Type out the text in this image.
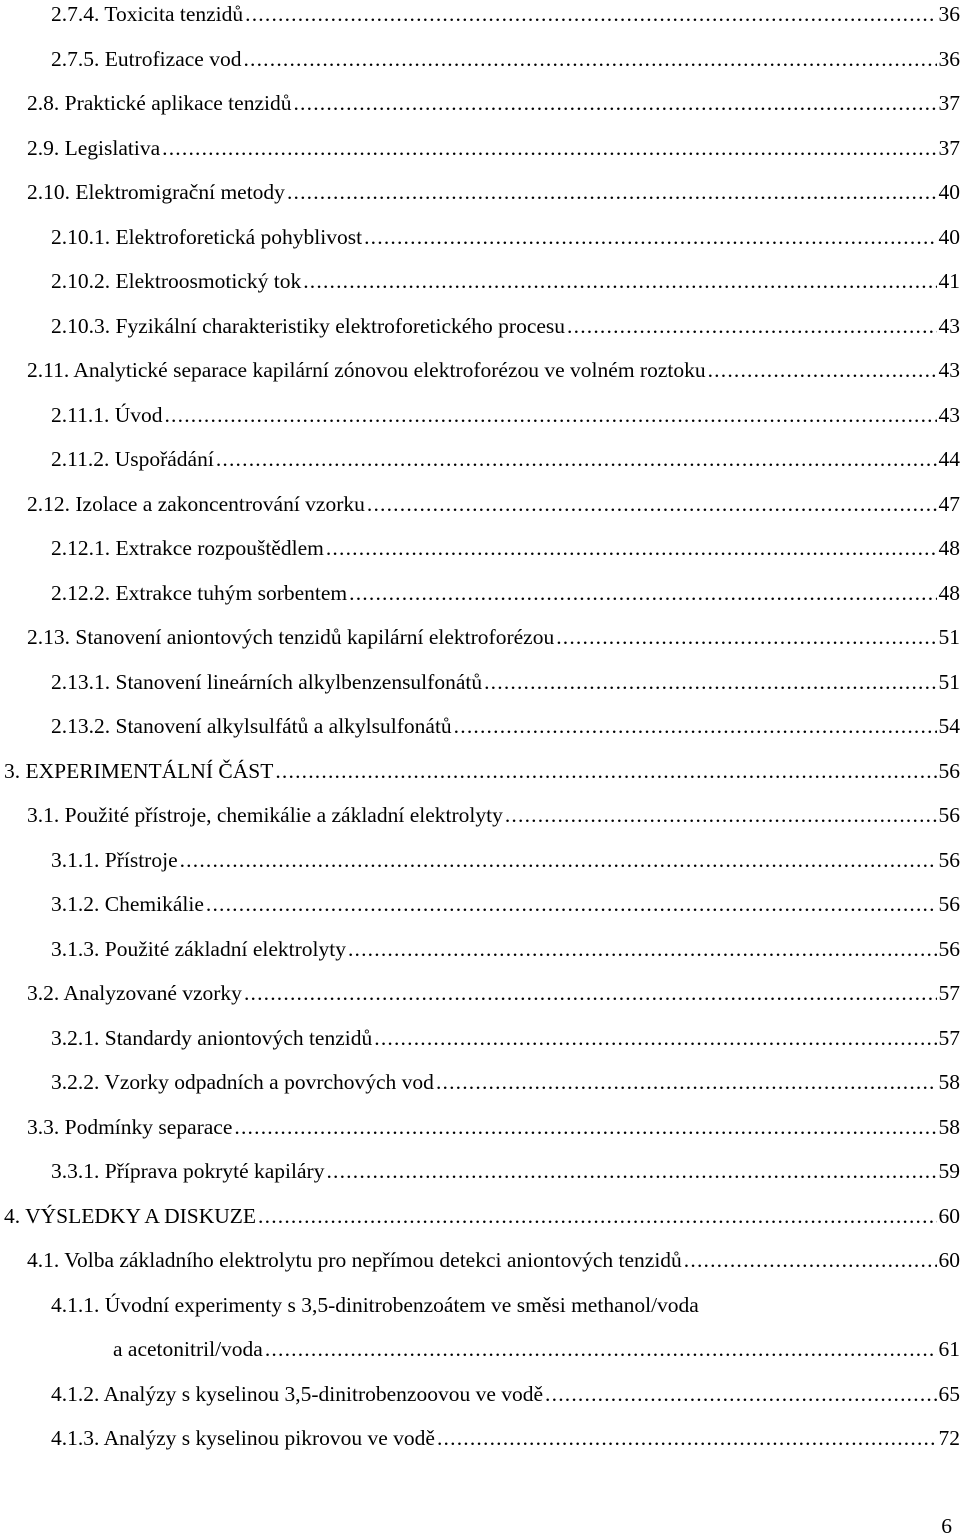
2.7.4. Toxicita tenzidů .....	36
2.7.5. Eutrofizace vod .....	36
2.8. Praktické aplikace tenzidů .....	37
2.9. Legislativa .....	37
2.10. Elektromigrační metody .....	40
2.10.1. Elektroforetická pohyblivost .....	40
2.10.2. Elektroosmotický tok .....	41
2.10.3. Fyzikální charakteristiky elektroforetického procesu .....	43
2.11. Analytické separace kapilární zónovou elektroforézou ve volném roztoku .....	43
2.11.1. Úvod .....	43
2.11.2. Uspořádání .....	44
2.12. Izolace a zakoncentrování vzorku .....	47
2.12.1. Extrakce rozpouštědlem .....	48
2.12.2. Extrakce tuhým sorbentem .....	48
2.13. Stanovení aniontových tenzidů kapilární elektroforézou .....	51
2.13.1. Stanovení lineárních alkylbenzensulfonátů .....	51
2.13.2. Stanovení alkylsulfátů a alkylsulfonátů .....	54
3. EXPERIMENTÁLNÍ ČÁST .....	56
3.1. Použité přístroje, chemikálie a základní elektrolyty .....	56
3.1.1. Přístroje .....	56
3.1.2. Chemikálie .....	56
3.1.3. Použité základní elektrolyty .....	56
3.2. Analyzované vzorky .....	57
3.2.1. Standardy aniontových tenzidů .....	57
3.2.2. Vzorky odpadních a povrchových vod .....	58
3.3. Podmínky separace .....	58
3.3.1. Příprava pokryté kapiláry .....	59
4. VÝSLEDKY A DISKUZE .....	60
4.1. Volba základního elektrolytu pro nepřímou detekci aniontových tenzidů .....	60
4.1.1. Úvodní experimenty s 3,5-dinitrobenzoátem ve směsi methanol/voda
a acetonitril/voda .....	61
4.1.2. Analýzy s kyselinou 3,5-dinitrobenzoovou ve vodě .....	65
4.1.3. Analýzy s kyselinou pikrovou ve vodě .....	72
6
